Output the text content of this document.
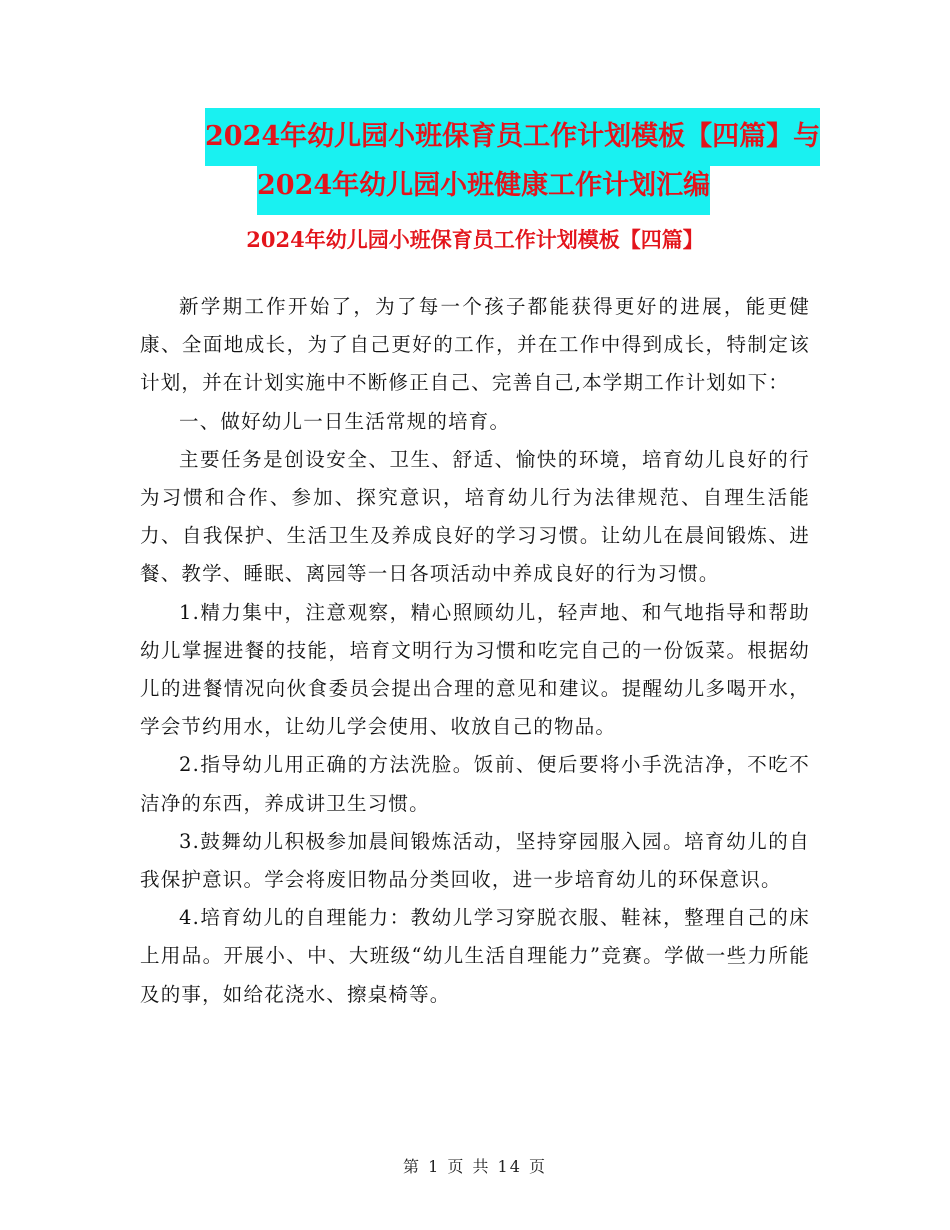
2024年幼儿园小班保育员工作计划模板【四篇】与
2024年幼儿园小班健康工作计划汇编
2024年幼儿园小班保育员工作计划模板【四篇】

新学期工作开始了，为了每一个孩子都能获得更好的进展，能更健康、全面地成长，为了自己更好的工作，并在工作中得到成长，特制定该计划，并在计划实施中不断修正自己、完善自己,本学期工作计划如下：

一、做好幼儿一日生活常规的培育。

主要任务是创设安全、卫生、舒适、愉快的环境，培育幼儿良好的行为习惯和合作、参加、探究意识，培育幼儿行为法律规范、自理生活能力、自我保护、生活卫生及养成良好的学习习惯。让幼儿在晨间锻炼、进餐、教学、睡眠、离园等一日各项活动中养成良好的行为习惯。

1.精力集中，注意观察，精心照顾幼儿，轻声地、和气地指导和帮助幼儿掌握进餐的技能，培育文明行为习惯和吃完自己的一份饭菜。根据幼儿的进餐情况向伙食委员会提出合理的意见和建议。提醒幼儿多喝开水，学会节约用水，让幼儿学会使用、收放自己的物品。

2.指导幼儿用正确的方法洗脸。饭前、便后要将小手洗洁净，不吃不洁净的东西，养成讲卫生习惯。

3.鼓舞幼儿积极参加晨间锻炼活动，坚持穿园服入园。培育幼儿的自我保护意识。学会将废旧物品分类回收，进一步培育幼儿的环保意识。

4.培育幼儿的自理能力：教幼儿学习穿脱衣服、鞋袜，整理自己的床上用品。开展小、中、大班级“幼儿生活自理能力”竞赛。学做一些力所能及的事，如给花浇水、擦桌椅等。

第 1 页 共 14 页
